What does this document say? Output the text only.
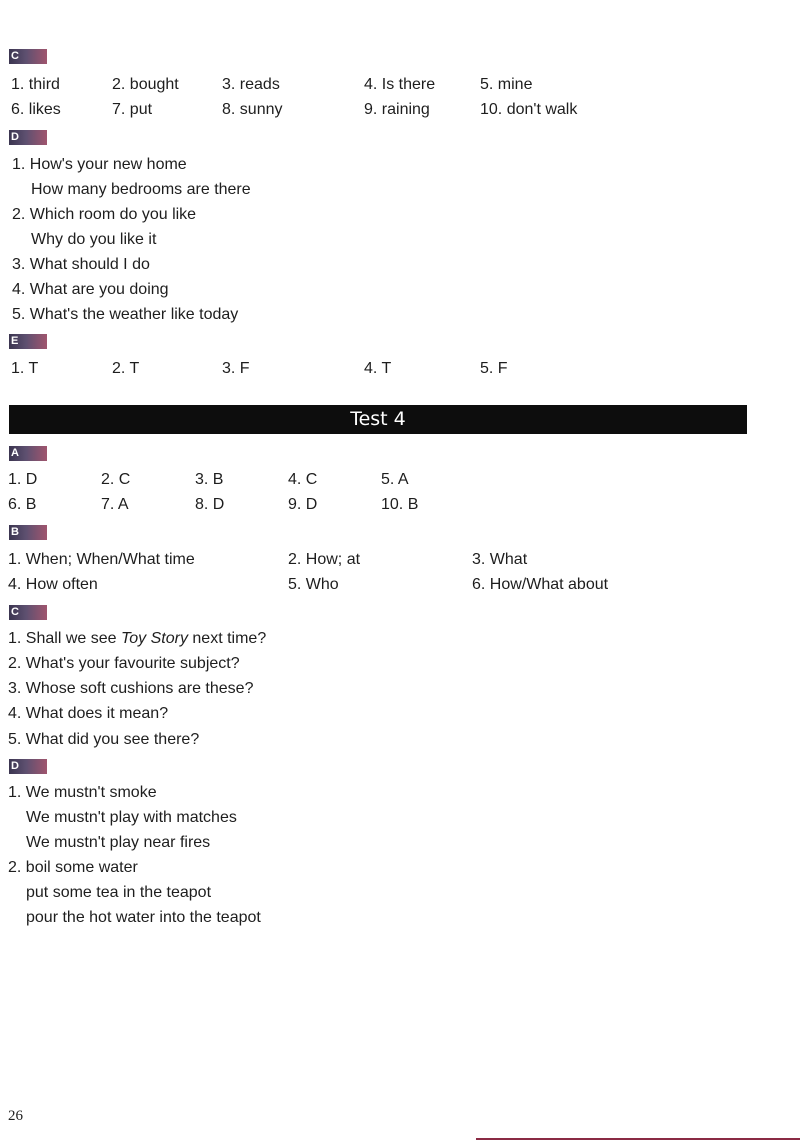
C
1. third	2. bought	3. reads	4. Is there	5. mine
6. likes	7. put	8. sunny	9. raining	10. don't walk
D
1. How's your new home
How many bedrooms are there
2. Which room do you like
Why do you like it
3. What should I do
4. What are you doing
5. What's the weather like today
E
1. T	2. T	3. F	4. T	5. F
Test 4
A
1. D	2. C	3. B	4. C	5. A
6. B	7. A	8. D	9. D	10. B
B
1. When; When/What time	2. How; at	3. What
4. How often	5. Who	6. How/What about
C
1. Shall we see Toy Story next time?
2. What's your favourite subject?
3. Whose soft cushions are these?
4. What does it mean?
5. What did you see there?
D
1. We mustn't smoke
We mustn't play with matches
We mustn't play near fires
2. boil some water
put some tea in the teapot
pour the hot water into the teapot
26
